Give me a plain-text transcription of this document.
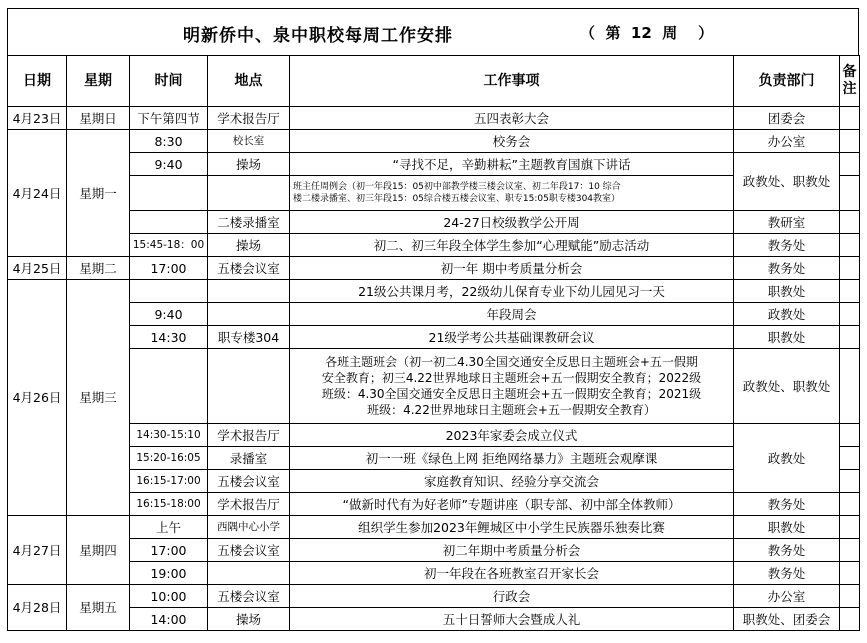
明新侨中、泉中职校每周工作安排	（  第  12  周    ）
日期	星期	时间	地点	工作事项	负责部门	备
注

4月23日	星期日	下午第四节	学术报告厅	五四表彰大会	团委会	
4月24日	星期一	8:30	校长室	校务会	办公室	
		9:40	操场	“寻找不足，辛勤耕耘”主题教育国旗下讲话	政教处、职教处	

				班主任周例会（初一年段15：05初中部教学楼三楼会议室、初二年段17：10 综合
楼二楼录播室、初三年段15：05综合楼五楼会议室、职专15:05职专楼304教室）		

			二楼录播室	24-27日校级教学公开周	教研室	
		15:45-18：00	操场	初二、初三年段全体学生参加“心理赋能”励志活动	教务处	
4月25日	星期二	17:00	五楼会议室	初一年 期中考质量分析会	教务处	
4月26日	星期三			21级公共课月考，22级幼儿保育专业下幼儿园见习一天	职教处	
		9:40		年段周会	政教处	
		14:30	职专楼304	21级学考公共基础课教研会议	职教处	

				各班主题班会（初一初二4.30全国交通安全反思日主题班会+五一假期
安全教育；初三4.22世界地球日主题班会+五一假期安全教育；2022级
班级：4.30全国交通安全反思日主题班会+五一假期安全教育；2021级
班级：4.22世界地球日主题班会+五一假期安全教育）	政教处、职教处	
		14:30-15:10	学术报告厅	2023年家委会成立仪式	政教处	
		15:20-16:05	录播室	初一一班《绿色上网 拒绝网络暴力》主题班会观摩课		
		16:15-17:00	五楼会议室	家庭教育知识、经验分享交流会		
		16:15-18:00	学术报告厅	“做新时代有为好老师”专题讲座（职专部、初中部全体教师）	教务处	
4月27日	星期四	上午	西隅中心小学	组织学生参加2023年鲤城区中小学生民族器乐独奏比赛	职教处	
		17:00	五楼会议室	初二年期中考质量分析会	教务处	
		19:00		初一年段在各班教室召开家长会	教务处	
4月28日	星期五	10:00	五楼会议室	行政会	办公室	
		14:00	操场	五十日誓师大会暨成人礼	职教处、团委会	
